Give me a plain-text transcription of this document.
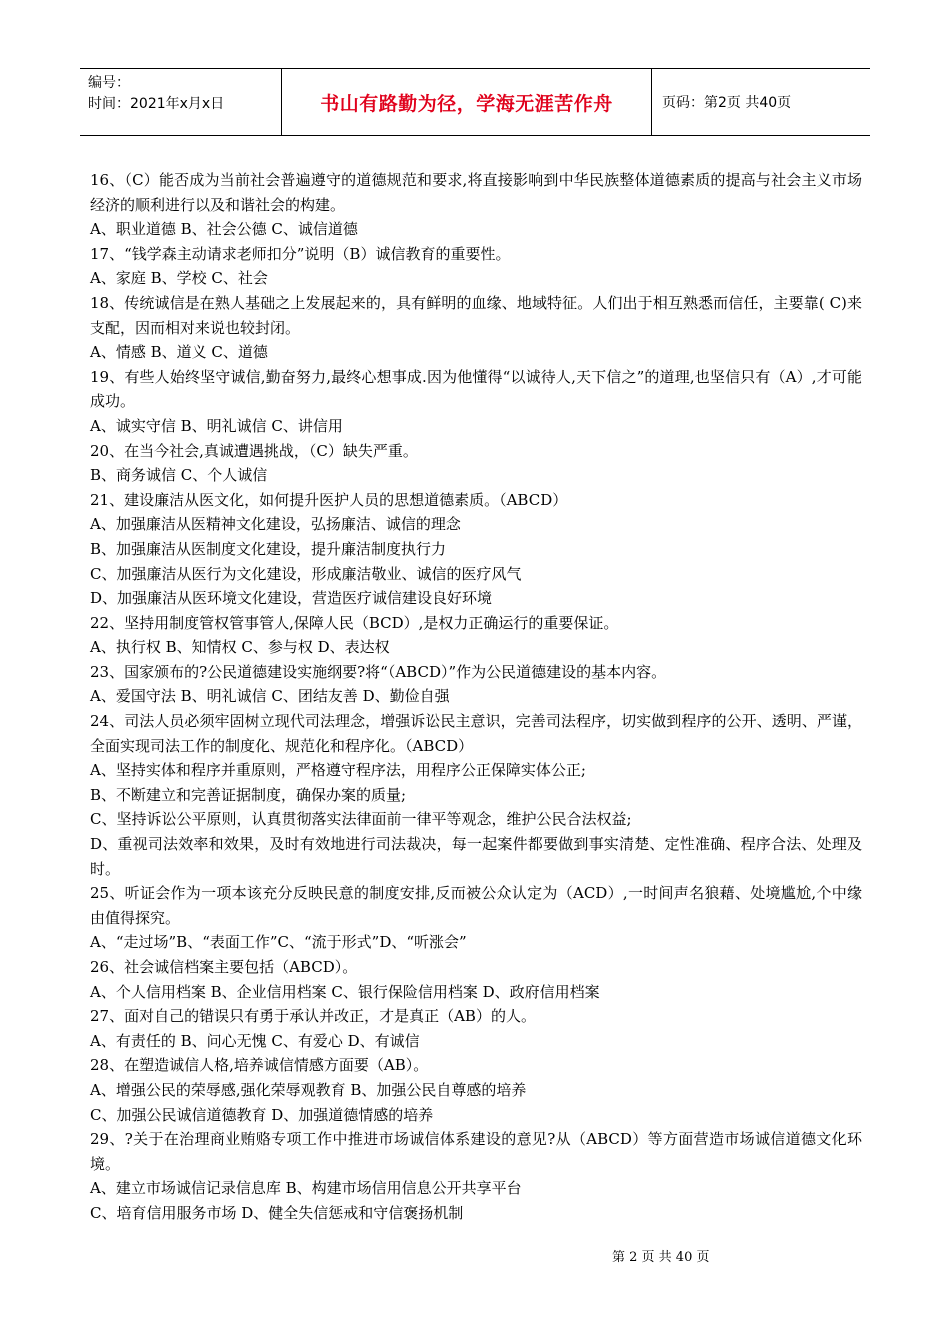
编号：
时间：2021年x月x日	书山有路勤为径，学海无涯苦作舟	页码：第2页 共40页

16、（C）能否成为当前社会普遍遵守的道德规范和要求,将直接影响到中华民族整体道德素质的提高与社会主义市场经济的顺利进行以及和谐社会的构建。

A、职业道德 B、社会公德 C、诚信道德

17、“钱学森主动请求老师扣分”说明（B）诚信教育的重要性。

A、家庭 B、学校 C、社会

18、传统诚信是在熟人基础之上发展起来的，具有鲜明的血缘、地域特征。人们出于相互熟悉而信任，主要靠( C)来支配，因而相对来说也较封闭。

A、情感 B、道义 C、道德

19、有些人始终坚守诚信,勤奋努力,最终心想事成.因为他懂得“以诚待人,天下信之”的道理,也坚信只有（A）,才可能成功。

A、诚实守信 B、明礼诚信 C、讲信用

20、在当今社会,真诚遭遇挑战，（C）缺失严重。

B、商务诚信 C、个人诚信

21、建设廉洁从医文化，如何提升医护人员的思想道德素质。（ABCD）

A、加强廉洁从医精神文化建设，弘扬廉洁、诚信的理念

B、加强廉洁从医制度文化建设，提升廉洁制度执行力

C、加强廉洁从医行为文化建设，形成廉洁敬业、诚信的医疗风气

D、加强廉洁从医环境文化建设，营造医疗诚信建设良好环境

22、坚持用制度管权管事管人,保障人民（BCD）,是权力正确运行的重要保证。

A、执行权 B、知情权 C、参与权 D、表达权

23、国家颁布的?公民道德建设实施纲要?将“（ABCD）”作为公民道德建设的基本内容。

A、爱国守法 B、明礼诚信 C、团结友善 D、勤俭自强

24、司法人员必须牢固树立现代司法理念，增强诉讼民主意识，完善司法程序，切实做到程序的公开、透明、严谨，全面实现司法工作的制度化、规范化和程序化。（ABCD）

A、坚持实体和程序并重原则，严格遵守程序法，用程序公正保障实体公正;

B、不断建立和完善证据制度，确保办案的质量;

C、坚持诉讼公平原则，认真贯彻落实法律面前一律平等观念，维护公民合法权益;

D、重视司法效率和效果，及时有效地进行司法裁决，每一起案件都要做到事实清楚、定性准确、程序合法、处理及时。

25、听证会作为一项本该充分反映民意的制度安排,反而被公众认定为（ACD）,一时间声名狼藉、处境尴尬,个中缘由值得探究。

A、“走过场”B、“表面工作”C、“流于形式”D、“听涨会”

26、社会诚信档案主要包括（ABCD）。

A、个人信用档案 B、企业信用档案 C、银行保险信用档案 D、政府信用档案

27、面对自己的错误只有勇于承认并改正，才是真正（AB）的人。

A、有责任的 B、问心无愧 C、有爱心 D、有诚信

28、在塑造诚信人格,培养诚信情感方面要（AB）。

A、增强公民的荣辱感,强化荣辱观教育 B、加强公民自尊感的培养

C、加强公民诚信道德教育 D、加强道德情感的培养

29、?关于在治理商业贿赂专项工作中推进市场诚信体系建设的意见?从（ABCD）等方面营造市场诚信道德文化环境。

A、建立市场诚信记录信息库 B、构建市场信用信息公开共享平台

C、培育信用服务市场 D、健全失信惩戒和守信褒扬机制

第 2 页 共 40 页
